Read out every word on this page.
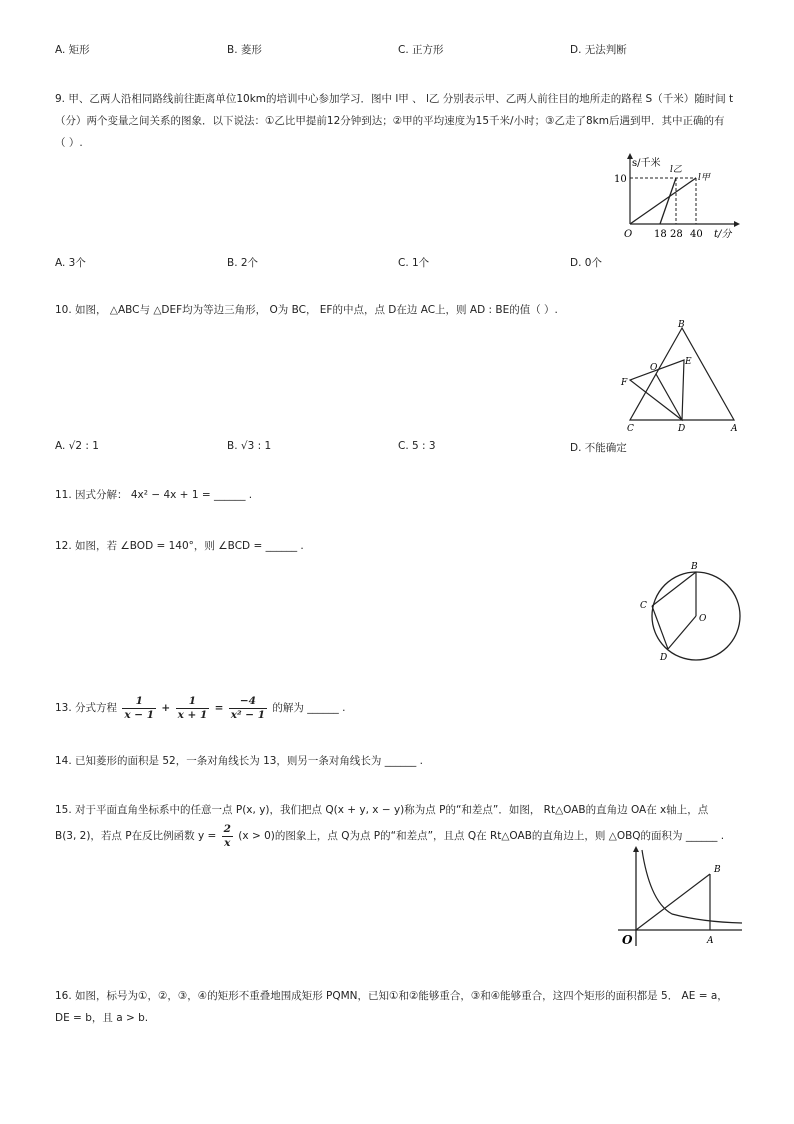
A. 矩形	B. 菱形	C. 正方形	D. 无法判断
9. 甲、乙两人沿相同路线前往距离单位10km的培训中心参加学习．图中 l甲 、 l乙 分别表示甲、乙两人前往目的地所走的路程 S（千米）随时间 t
（分）两个变量之间关系的图象．以下说法：①乙比甲提前12分钟到达；②甲的平均速度为15千米/小时；③乙走了8km后遇到甲．其中正确的有
（ ）.
s/千米
10
O 18 28 40 t/分
l乙
l甲
A. 3个	B. 2个	C. 1个	D. 0个
10. 如图， △ABC与 △DEF均为等边三角形， O为 BC， EF的中点，点 D在边 AC上，则 AD : BE的值（ ）.
B
O
E
F
C	D	A
A. √2 : 1	B. √3 : 1	C. 5 : 3	D. 不能确定
11. 因式分解： 4x² − 4x + 1 = ______ .
12. 如图，若 ∠BOD = 140°，则 ∠BCD = ______ .
B
C
O
D
13. 分式方程 $\frac{1}{x - 1} + \frac{1}{x + 1} = \frac{-4}{\text{x² − 1}}$ 的解为 ______ .
14. 已知菱形的面积是 52，一条对角线长为 13，则另一条对角线长为 ______ .
15. 对于平面直角坐标系中的任意一点 P(x, y)，我们把点 Q(x + y, x − y)称为点 P的“和差点”．如图， Rt△OAB的直角边 OA在 x轴上，点
B(3, 2)，若点 P在反比例函数 $y = \frac{2}{x} (x > 0)$的图象上，点 Q为点 P的“和差点”，且点 Q在 Rt△OAB的直角边上，则 △OBQ的面积为 ______ .
B
O	A
16. 如图，标号为①，②，③，④的矩形不重叠地围成矩形 PQMN，已知①和②能够重合，③和④能够重合，这四个矩形的面积都是 5． AE = a，
DE = b，且 a > b.
